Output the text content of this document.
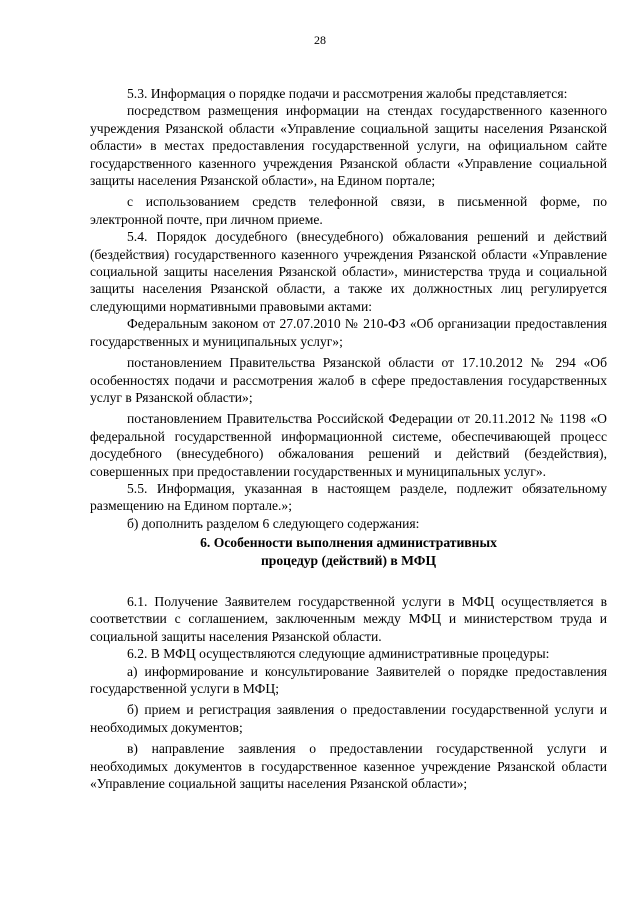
28

5.3. Информация о порядке подачи и рассмотрения жалобы представляется:

посредством размещения информации на стендах государственного казенного учреждения Рязанской области «Управление социальной защиты населения Рязанской области» в местах предоставления государственной услуги, на официальном сайте государственного казенного учреждения Рязанской области «Управление социальной защиты населения Рязанской области», на Едином портале;

с использованием средств телефонной связи, в письменной форме, по электронной почте, при личном приеме.

5.4. Порядок досудебного (внесудебного) обжалования решений и действий (бездействия) государственного казенного учреждения Рязанской области «Управление социальной защиты населения Рязанской области», министерства труда и социальной защиты населения Рязанской области, а также их должностных лиц регулируется следующими нормативными правовыми актами:

Федеральным законом от 27.07.2010 № 210-ФЗ «Об организации предоставления государственных и муниципальных услуг»;

постановлением Правительства Рязанской области от 17.10.2012 № 294 «Об особенностях подачи и рассмотрения жалоб в сфере предоставления государственных услуг в Рязанской области»;

постановлением Правительства Российской Федерации от 20.11.2012 № 1198 «О федеральной государственной информационной системе, обеспечивающей процесс досудебного (внесудебного) обжалования решений и действий (бездействия), совершенных при предоставлении государственных и муниципальных услуг».

5.5. Информация, указанная в настоящем разделе, подлежит обязательному размещению на Едином портале.»;

б) дополнить разделом 6 следующего содержания:

6. Особенности выполнения административных
процедур (действий) в МФЦ

6.1. Получение Заявителем государственной услуги в МФЦ осуществляется в соответствии с соглашением, заключенным между МФЦ и министерством труда и социальной защиты населения Рязанской области.

6.2. В МФЦ осуществляются следующие административные процедуры:

а) информирование и консультирование Заявителей о порядке предоставления государственной услуги в МФЦ;

б) прием и регистрация заявления о предоставлении государственной услуги и необходимых документов;

в) направление заявления о предоставлении государственной услуги и необходимых документов в государственное казенное учреждение Рязанской области «Управление социальной защиты населения Рязанской области»;
